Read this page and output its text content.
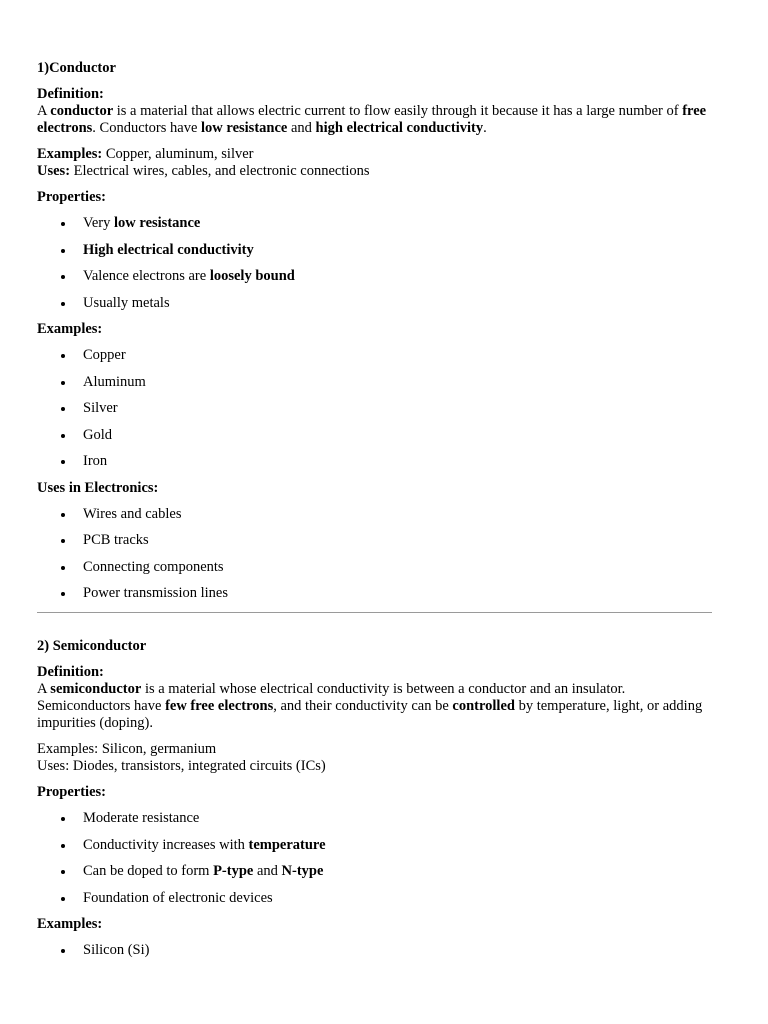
1)Conductor

Definition:
A conductor is a material that allows electric current to flow easily through it because it has a large number of free electrons. Conductors have low resistance and high electrical conductivity.

Examples: Copper, aluminum, silver
Uses: Electrical wires, cables, and electronic connections

Properties:
Very low resistance
High electrical conductivity
Valence electrons are loosely bound
Usually metals
Examples:
Copper
Aluminum
Silver
Gold
Iron
Uses in Electronics:
Wires and cables
PCB tracks
Connecting components
Power transmission lines
2) Semiconductor

Definition:
A semiconductor is a material whose electrical conductivity is between a conductor and an insulator. Semiconductors have few free electrons, and their conductivity can be controlled by temperature, light, or adding impurities (doping).

Examples: Silicon, germanium
Uses: Diodes, transistors, integrated circuits (ICs)

Properties:
Moderate resistance
Conductivity increases with temperature
Can be doped to form P-type and N-type
Foundation of electronic devices
Examples:
Silicon (Si)
